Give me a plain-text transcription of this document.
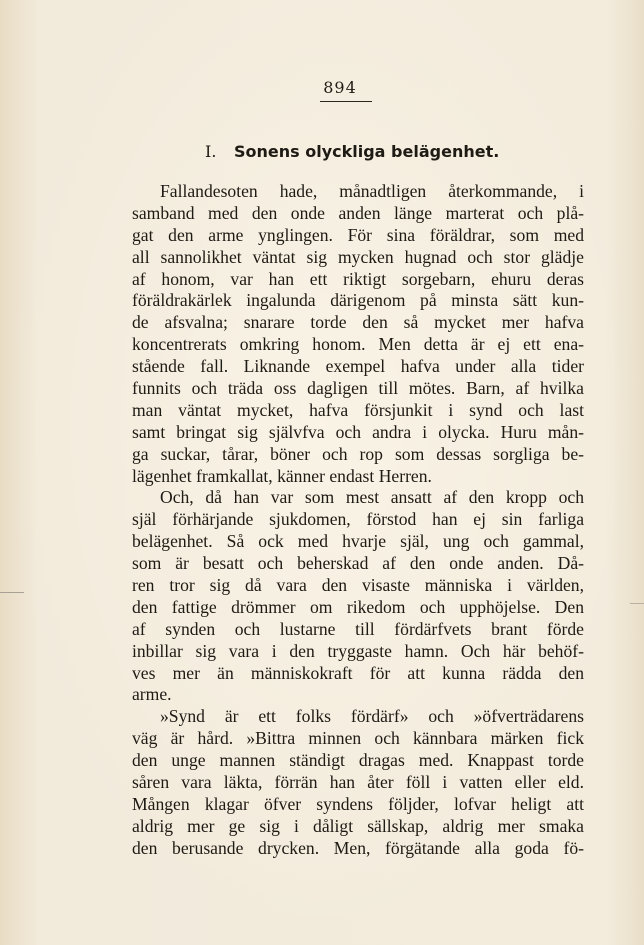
894
I. Sonens olyckliga belägenhet.
Fallandesoten hade, månadtligen återkommande, i
samband med den onde anden länge marterat och plå-
gat den arme ynglingen. För sina föräldrar, som med
all sannolikhet väntat sig mycken hugnad och stor glädje
af honom, var han ett riktigt sorgebarn, ehuru deras
föräldrakärlek ingalunda därigenom på minsta sätt kun-
de afsvalna; snarare torde den så mycket mer hafva
koncentrerats omkring honom. Men detta är ej ett ena-
stående fall. Liknande exempel hafva under alla tider
funnits och träda oss dagligen till mötes. Barn, af hvilka
man väntat mycket, hafva försjunkit i synd och last
samt bringat sig självfva och andra i olycka. Huru mån-
ga suckar, tårar, böner och rop som dessas sorgliga be-
lägenhet framkallat, känner endast Herren.
Och, då han var som mest ansatt af den kropp och
själ förhärjande sjukdomen, förstod han ej sin farliga
belägenhet. Så ock med hvarje själ, ung och gammal,
som är besatt och beherskad af den onde anden. Då-
ren tror sig då vara den visaste människa i världen,
den fattige drömmer om rikedom och upphöjelse. Den
af synden och lustarne till fördärfvets brant förde
inbillar sig vara i den tryggaste hamn. Och här behöf-
ves mer än människokraft för att kunna rädda den
arme.
»Synd är ett folks fördärf» och »öfverträdarens
väg är hård. »Bittra minnen och kännbara märken fick
den unge mannen ständigt dragas med. Knappast torde
såren vara läkta, förrän han åter föll i vatten eller eld.
Mången klagar öfver syndens följder, lofvar heligt att
aldrig mer ge sig i dåligt sällskap, aldrig mer smaka
den berusande drycken. Men, förgätande alla goda fö-
